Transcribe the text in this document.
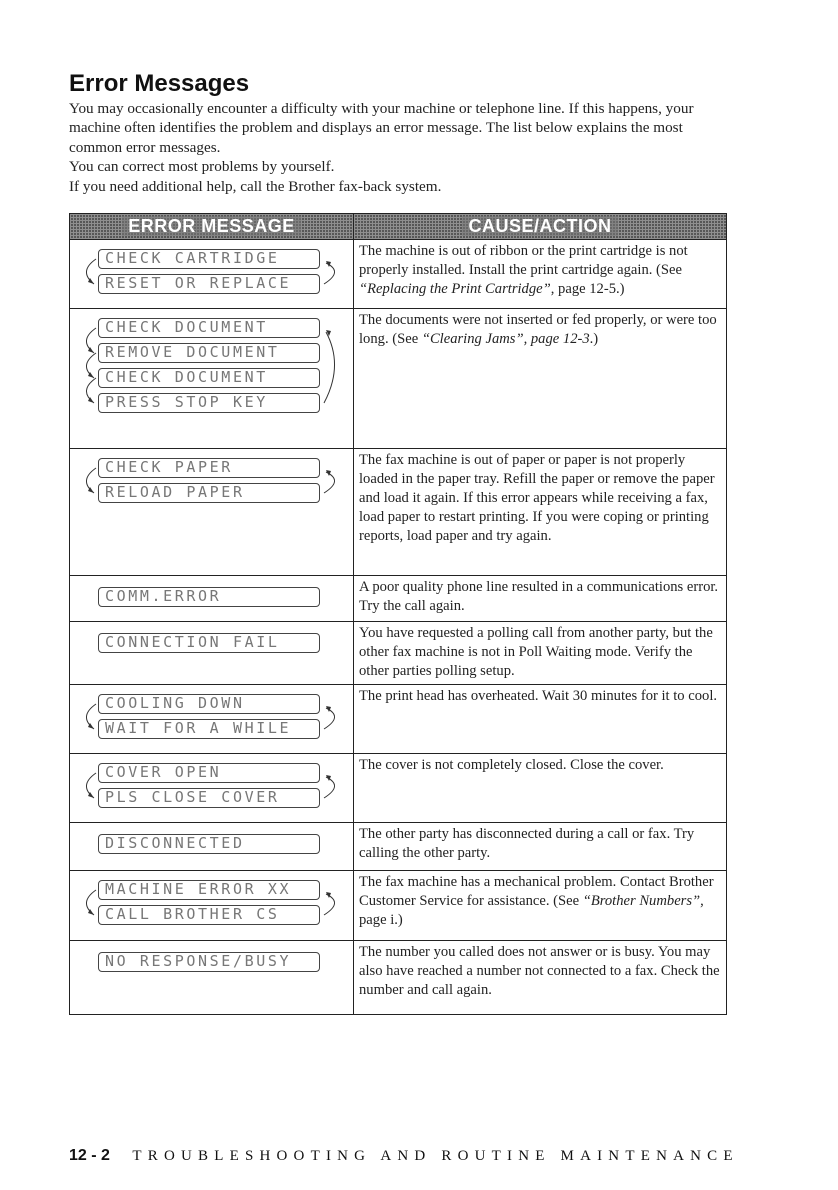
Error Messages

You may occasionally encounter a difficulty with your machine or telephone line. If this happens, your machine often identifies the problem and displays an error message. The list below explains the most common error messages.

You can correct most problems by yourself.

If you need additional help, call the Brother fax-back system.

ERROR MESSAGE	CAUSE/ACTION

CHECK CARTRIDGE
RESET OR REPLACE	The machine is out of ribbon or the print cartridge is not properly installed. Install the print cartridge again. (See “Replacing the Print Cartridge”, page 12-5.)

CHECK DOCUMENT
REMOVE DOCUMENT
CHECK DOCUMENT
PRESS STOP KEY	The documents were not inserted or fed properly, or were too long. (See “Clearing Jams”, page 12-3.)

CHECK PAPER
RELOAD PAPER	The fax machine is out of paper or paper is not properly loaded in the paper tray. Refill the paper or remove the paper and load it again. If this error appears while receiving a fax, load paper to restart printing. If you were coping or printing reports, load paper and try again.

COMM.ERROR	A poor quality phone line resulted in a communications error. Try the call again.

CONNECTION FAIL	You have requested a polling call from another party, but the other fax machine is not in Poll Waiting mode. Verify the other parties polling setup.

COOLING DOWN
WAIT FOR A WHILE	The print head has overheated. Wait 30 minutes for it to cool.

COVER OPEN
PLS CLOSE COVER	The cover is not completely closed. Close the cover.

DISCONNECTED	The other party has disconnected during a call or fax. Try calling the other party.

MACHINE ERROR XX
CALL BROTHER CS	The fax machine has a mechanical problem. Contact Brother Customer Service for assistance. (See “Brother Numbers”, page i.)

NO RESPONSE/BUSY	The number you called does not answer or is busy. You may also have reached a number not connected to a fax. Check the number and call again.
12 - 2 TROUBLESHOOTING AND ROUTINE MAINTENANCE
